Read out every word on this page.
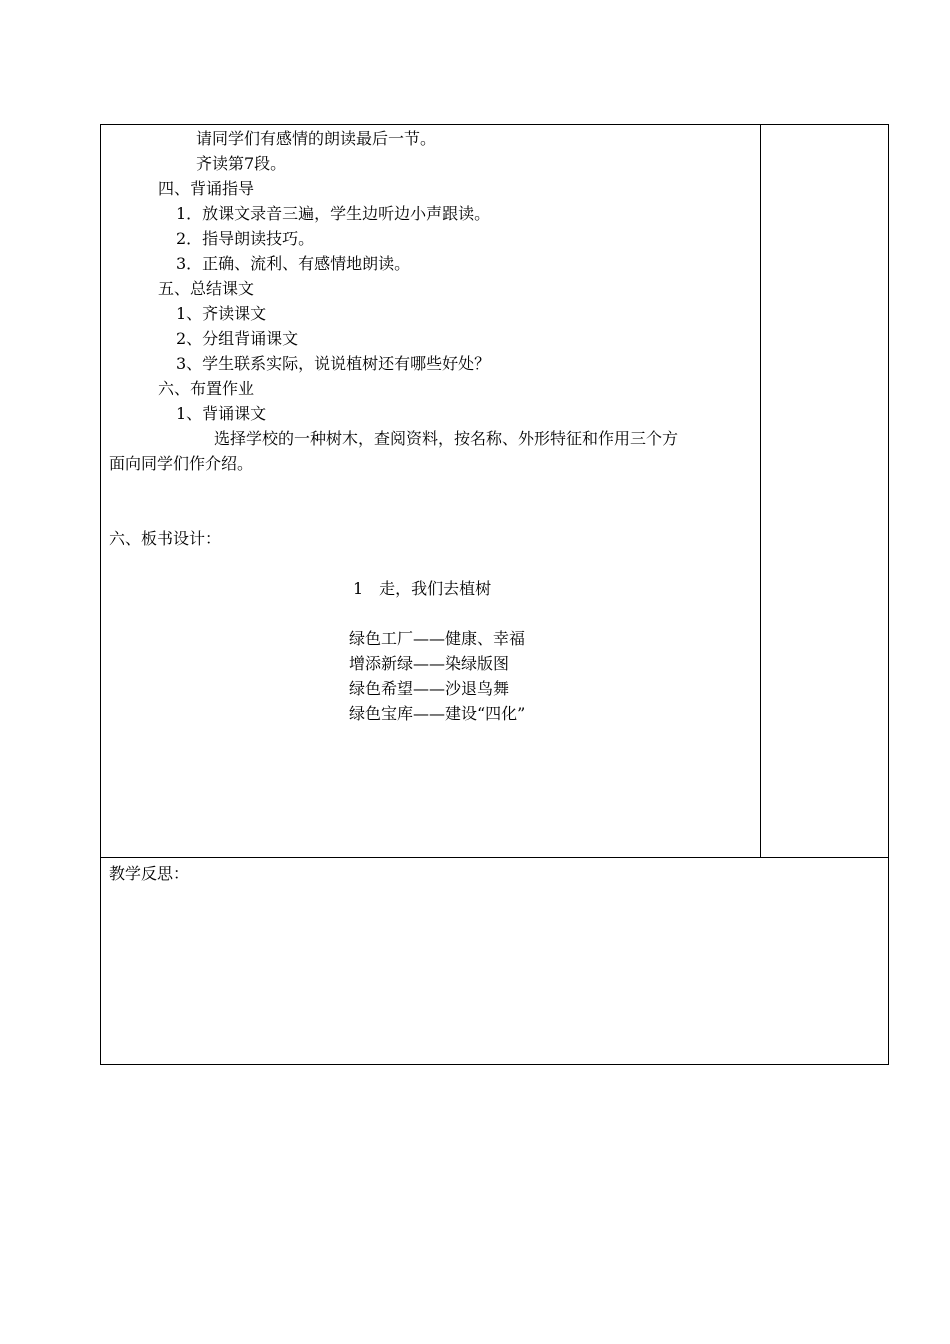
请同学们有感情的朗读最后一节。
齐读第7段。
四、背诵指导
1．放课文录音三遍，学生边听边小声跟读。
2．指导朗读技巧。
3．正确、流利、有感情地朗读。
五、总结课文
1、齐读课文
2、分组背诵课文
3、学生联系实际，说说植树还有哪些好处？
六、布置作业
1、背诵课文
选择学校的一种树木，查阅资料，按名称、外形特征和作用三个方
面向同学们作介绍。
六、板书设计：
1　走，我们去植树
绿色工厂——健康、幸福
增添新绿——染绿版图
绿色希望——沙退鸟舞
绿色宝库——建设“四化”
教学反思：
